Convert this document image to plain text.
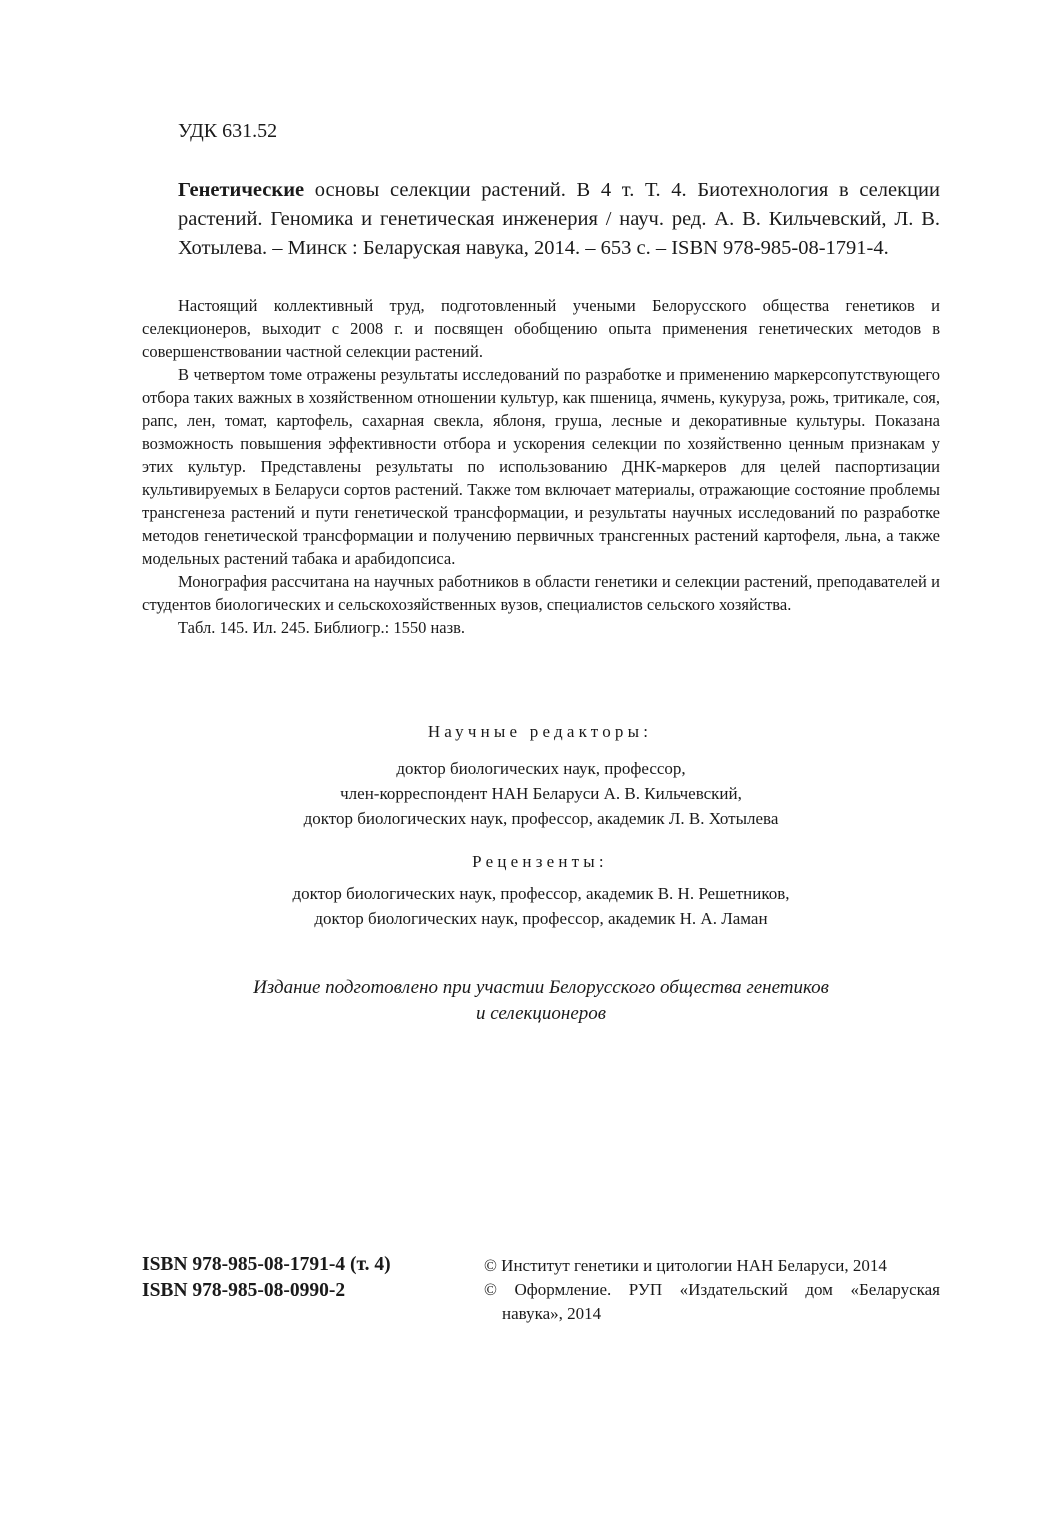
УДК 631.52
Генетические основы селекции растений. В 4 т. Т. 4. Биотехнология в селекции растений. Геномика и генетическая инженерия / науч. ред. А. В. Кильчевский, Л. В. Хотылева. – Минск : Беларуская навука, 2014. – 653 с. – ISBN 978-985-08-1791-4.

Настоящий коллективный труд, подготовленный учеными Белорусского общества генетиков и селекционеров, выходит с 2008 г. и посвящен обобщению опыта применения генетических методов в совершенствовании частной селекции растений.

В четвертом томе отражены результаты исследований по разработке и применению маркерсопутствующего отбора таких важных в хозяйственном отношении культур, как пшеница, ячмень, кукуруза, рожь, тритикале, соя, рапс, лен, томат, картофель, сахарная свекла, яблоня, груша, лесные и декоративные культуры. Показана возможность повышения эффективности отбора и ускорения селекции по хозяйственно ценным признакам у этих культур. Представлены результаты по использованию ДНК-маркеров для целей паспортизации культивируемых в Беларуси сортов растений. Также том включает материалы, отражающие состояние проблемы трансгенеза растений и пути генетической трансформации, и результаты научных исследований по разработке методов генетической трансформации и получению первичных трансгенных растений картофеля, льна, а также модельных растений табака и арабидопсиса.

Монография рассчитана на научных работников в области генетики и селекции растений, преподавателей и студентов биологических и сельскохозяйственных вузов, специалистов сельского хозяйства.

Табл. 145. Ил. 245. Библиогр.: 1550 назв.

Научные редакторы:
доктор биологических наук, профессор,
член-корреспондент НАН Беларуси А. В. Кильчевский,
доктор биологических наук, профессор, академик Л. В. Хотылева
Рецензенты:
доктор биологических наук, профессор, академик В. Н. Решетников,
доктор биологических наук, профессор, академик Н. А. Ламан
Издание подготовлено при участии Белорусского общества генетиков
и селекционеров
ISBN 978-985-08-1791-4 (т. 4)
ISBN 978-985-08-0990-2
© Институт генетики и цитологии НАН Беларуси, 2014
© Оформление. РУП «Издательский дом «Беларуская
навука», 2014
